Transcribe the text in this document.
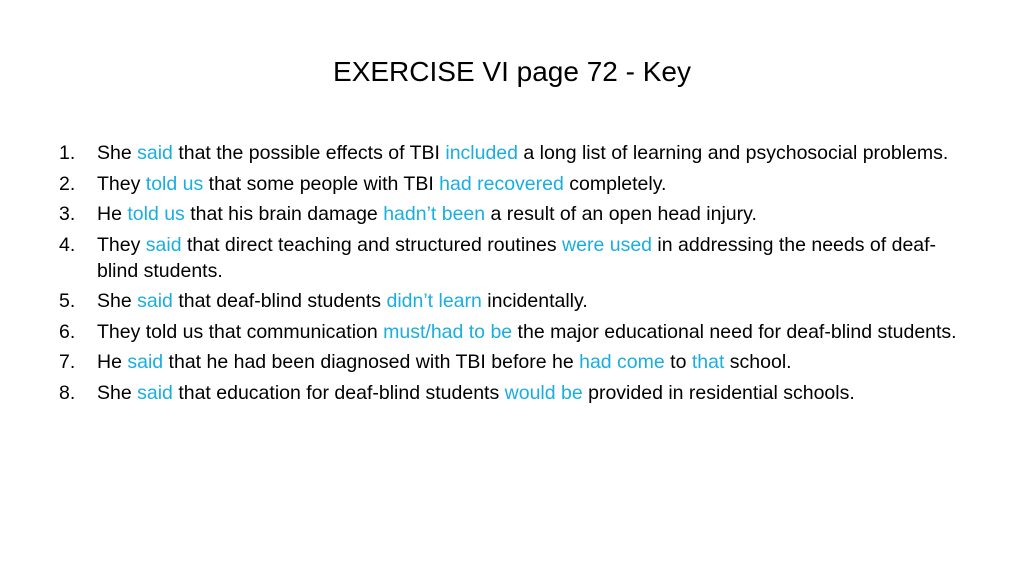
EXERCISE VI page 72 - Key
1. She said that the possible effects of TBI included a long list of learning and psychosocial problems.
2. They told us that some people with TBI had recovered completely.
3. He told us that his brain damage hadn’t been a result of an open head injury.
4. They said that direct teaching and structured routines were used in addressing the needs of deaf-blind students.
5. She said that deaf-blind students didn’t learn incidentally.
6. They told us that communication must/had to be the major educational need for deaf-blind students.
7. He said that he had been diagnosed with TBI before he had come to that school.
8. She said that education for deaf-blind students would be provided in residential schools.
